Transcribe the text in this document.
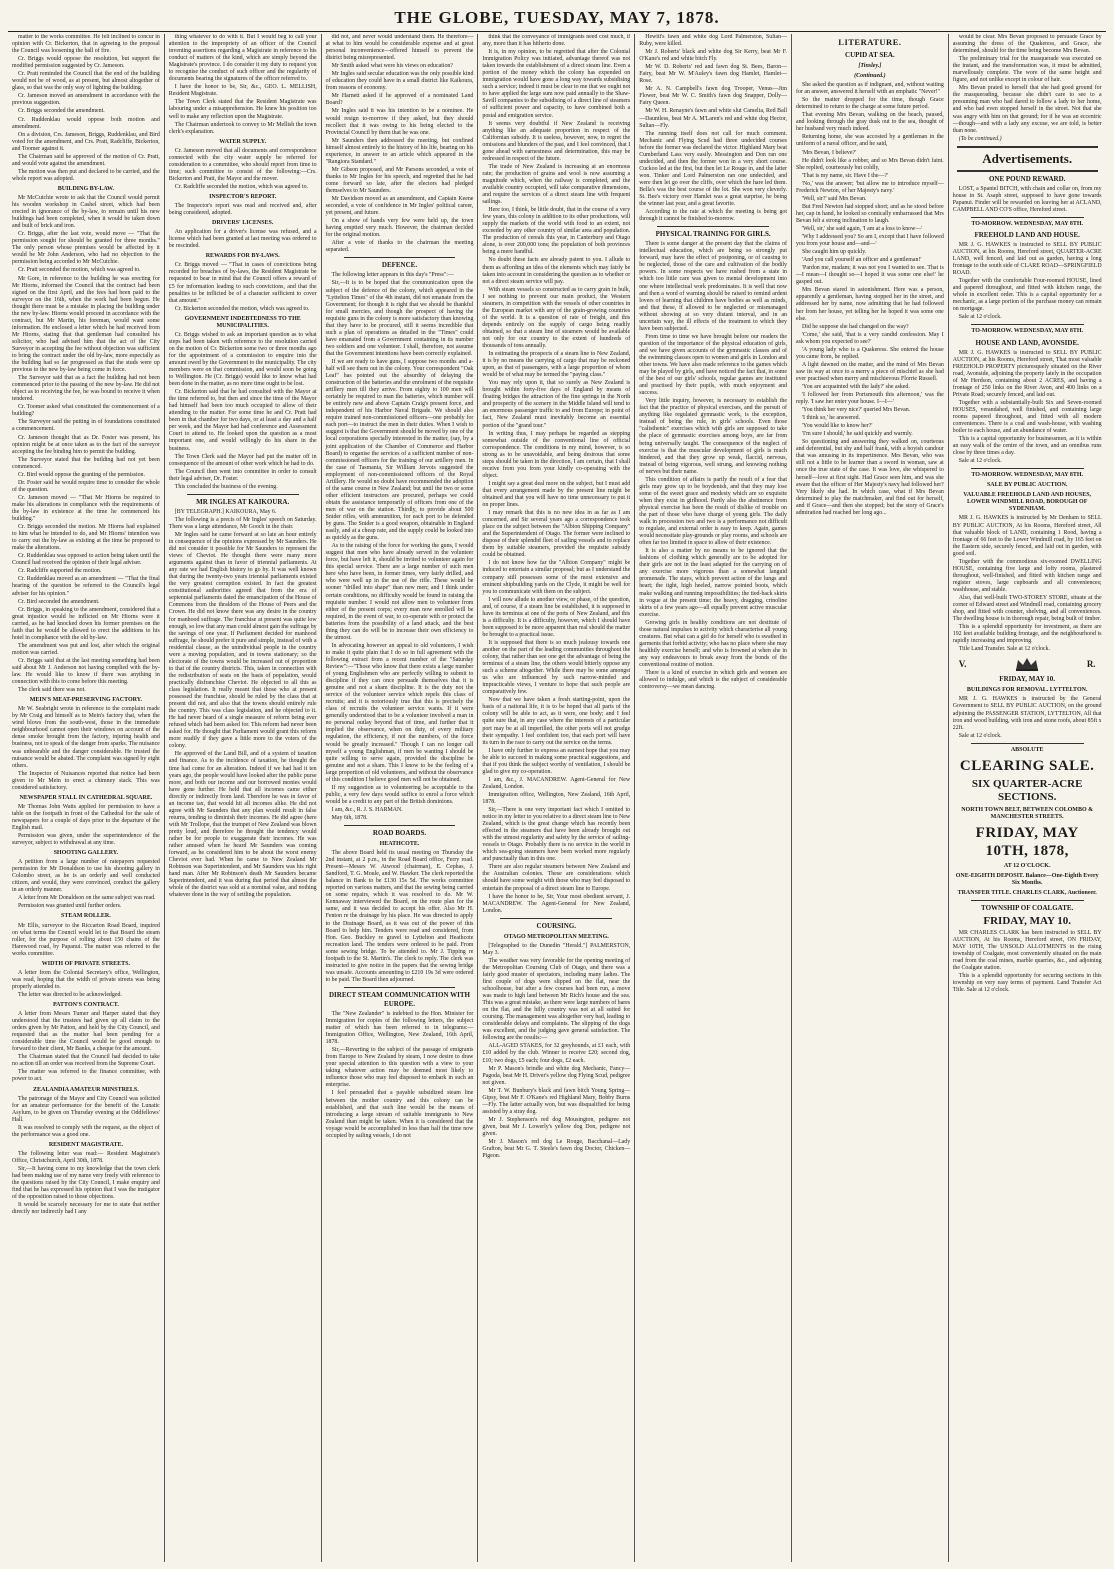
THE GLOBE, TUESDAY, MAY 7, 1878.

matter to the works committee. He felt inclined to concur in opinion with Cr. Bickerton, that in agreeing to the proposal the Council was loosening the ball of fire.

Cr. Briggs would oppose the resolution, but support the modified permission suggested by Cr. Jameson.

Cr. Pratt reminded the Council that the end of the building would not be of wood, as at present, but almost altogether of glass, so that was the only way of lighting the building.

Cr. Jameson moved an amendment in accordance with the previous suggestion.

Cr. Briggs seconded the amendment.

Cr. Ruddenklau would oppose both motion and amendment.

On a division, Crs. Jameson, Briggs, Ruddenklau, and Bird voted for the amendment, and Crs. Pratt, Radcliffe, Bickerton, and Toomer against it.

The Chairman said he approved of the motion of Cr. Pratt, and would vote against the amendment.

The motion was then put and declared to be carried, and the whole report was adopted.

BUILDING BY-LAW.

Mr McCutchie wrote to ask that the Council would permit his wooden workshop in Cashel street, which had been erected in ignorance of the by-law, to remain until his new buildings had been completed, when it would be taken down and built of brick and iron.

Cr. Briggs, after the last vote, would move — "That the permission sought for should be granted for three months." The only person whose premises would be affected by it would be Mr John Anderson, who had no objection to the permission being accorded to Mr McCutchie.

Cr. Pratt seconded the motion, which was agreed to.

Mr Gore, in reference to the building he was erecting for Mr Hiorns, informed the Council that the contract had been signed on the first April, and the fees had been paid to the surveyor on the 16th, when the work had been begun. He thought there must be a mistake in placing the building under the new by-law. Hiorns would proceed in accordance with the contract, but Mr Martin, his foreman, would want some information. He enclosed a letter which he had received from Mr Hiorns, stating that that gentleman had consulted his solicitor, who had advised him that the act of the City Surveyor in accepting the fee without objection was sufficient to bring the contract under the old by-law, more especially as the building had so far progressed as that the studs were up previous to the new by-law being come in force.

The Surveyor said that as a fact the building had not been commenced prior to the passing of the new by-law. He did not object as to receiving the fee, he was bound to receive it when tendered.

Cr. Toomer asked what constituted the commencement of a building?

The Surveyor said the putting in of foundations constituted a commencement.

Cr. Jameson thought that as Dr. Foster was present, his opinion might be at once taken as to the fact of the surveyor accepting the fee binding him to permit the building.

The Surveyor stated that the building had not yet been commenced.

Cr. Bird would oppose the granting of the permission.

Dr. Foster said he would require time to consider the whole of the question.

Cr. Jameson moved — "That Mr Hiorns be required to make his alterations in compliance with the requirements of the by-law in existence at the time he commenced his building."

Cr. Briggs seconded the motion. Mr Hiorns had explained to him what he intended to do, and Mr Hiorns' intention was to carry out the by-law as existing at the time he proposed to make the alterations.

Cr. Ruddenklau was opposed to action being taken until the Council had received the opinion of their legal adviser.

Cr. Radcliffe supported the motion.

Cr. Ruddenklau moved as an amendment — "That the final hearing of the question be referred to the Council's legal adviser for his opinion."

Cr. Bird seconded the amendment.

Cr. Briggs, in speaking to the amendment, considered that a great injustice would be inflicted on Mr Hiorns were it carried, as he had knocked down his former premises on the faith that he would be allowed to erect the additions to his hotel in compliance with the old by-law.

The amendment was put and lost, after which the original motion was carried.

Cr. Briggs said that at the last meeting something had been said about Mr J. Anderson not having complied with the by-law. He would like to know if there was anything in connection with this to come before this meeting.

The clerk said there was not.

MEIN'S MEAT-PRESERVING FACTORY.

Mr W. Seabright wrote in reference to the complaint made by Mr Craig and himself as to Mein's factory that, when the wind blows from the south-west, those in the immediate neighbourhood cannot open their windows on account of the dense smoke brought from the factory, injuring health and business, not to speak of the danger from sparks. The nuisance was unbearable and the danger considerable. He trusted the nuisance would be abated. The complaint was signed by eight others.

The Inspector of Nuisances reported that notice had been given to Mr Mein to erect a chimney stack. This was considered satisfactory.

NEWSPAPER STALL IN CATHEDRAL SQUARE.

Mr Thomas John Watts applied for permission to have a table on the footpath in front of the Cathedral for the sale of newspapers for a couple of days prior to the departure of the English mail.

Permission was given, under the superintendence of the surveyor, subject to withdrawal at any time.

SHOOTING GALLERY.

A petition from a large number of ratepayers requested permission for Mr Donaldson to use his shooting gallery in Colombo street, as he is an orderly and well conducted citizen, and would, they were convinced, conduct the gallery in an orderly manner.

A letter from Mr Donaldson on the same subject was read.

Permission was granted until further orders.

STEAM ROLLER.

Mr Ellis, surveyor to the Riccarton Road Board, inquired on what terms the Council would let to that Board the steam roller, for the purpose of rolling about 150 chains of the Harewood road, by Papanui. The matter was referred to the works committee.

WIDTH OF PRIVATE STREETS.

A letter from the Colonial Secretary's office, Wellington, was read, hoping that the width of private streets was being properly attended to.

The letter was directed to be acknowledged.

PATTON'S CONTRACT.

A letter from Messrs Tumer and Harper stated that they understood that the trustees had given up all claim to the orders given by Mr Patton, and held by the City Council, and requested that as the matter had been pending for a considerable time the Council would be good enough to forward to their client, Mr Banks, a cheque for the amount.

The Chairman stated that the Council had decided to take no action till an order was received from the Supreme Court.

The matter was referred to the finance committee, with power to act.

ZEALANDIA AMATEUR MINSTRELS.

The patronage of the Mayor and City Council was solicited for an amateur performance for the benefit of the Lunatic Asylum, to be given on Thursday evening at the Oddfellows' Hall.

It was resolved to comply with the request, as the object of the performance was a good one.

RESIDENT MAGISTRATE.

The following letter was read:— Resident Magistrate's Office, Christchurch, April 30th, 1878.

Sir,—It having come to my knowledge that the town clerk had been making use of my name very freely with reference to the questions raised by the City Council, I make enquiry and find that he has expressed his opinion that I was the instigator of the opposition raised to those objections.

It would be scarcely necessary for me to state that neither directly nor indirectly had I any

thing whatever to do with it. But I would beg to call your attention to the impropriety of an officer of the Council inventing assertions regarding a Magistrate in reference to his conduct of matters of the kind, which are simply beyond the Magistrate's province. I do consider it my duty to request you to recognise the conduct of such officer and the regularity of documents bearing the signatures of the officer referred to.

I have the honor to be, Sir, &c., GEO. L. MELLISH, Resident Magistrate.

The Town Clerk stated that the Resident Magistrate was labouring under a misapprehension. He knew his position too well to make any reflection upon the Magistrate.

The Chairman undertook to convey to Mr Mellish the town clerk's explanation.

WATER SUPPLY.

Cr. Jameson moved that all documents and correspondence connected with the city water supply be referred for consideration to a committee, who should report from time to time; such committee to consist of the following:—Crs. Bickerton and Pratt, the Mayor and the mover.

Cr. Radcliffe seconded the motion, which was agreed to.

INSPECTOR'S REPORT.

The Inspector's report was read and received and, after being considered, adopted.

DRIVERS' LICENSES.

An application for a driver's license was refused, and a license which had been granted at last meeting was ordered to be rescinded.

REWARDS FOR BY-LAWS.

Cr. Briggs moved — "That in cases of convictions being recorded for breaches of by-laws, the Resident Magistrate be requested to bear in mind that the Council offers a reward of £5 for information leading to such convictions, and that the penalties to be inflicted be of a character sufficient to cover that amount."

Cr. Bickerton seconded the motion, which was agreed to.

GOVERNMENT INDEBTEDNESS TO THE MUNICIPALITIES.

Cr. Briggs wished to ask an important question as to what steps had been taken with reference to the resolution carried on the motion of Cr. Bickerton some two or three months ago for the appointment of a commission to enquire into the amount owed by the Government to the municipality. The city members were on that commission, and would soon be going to Wellington. He (Cr. Briggs) would like to know what had been done in the matter, as no more time ought to be lost.

Cr. Bickerton said that he had consulted with the Mayor at the time referred to, but then and since the time of the Mayor had himself had been too much occupied to allow of their attending to the matter. For some time he and Cr. Pratt had been in that chamber for two days, or at least a day and a half per week, and the Mayor had had conference and Assessment Court to attend to. He looked upon the question as a most important one, and would willingly do his share in the business.

The Town Clerk said the Mayor had put the matter off in consequence of the amount of other work which he had to do.

The Council then went into committee in order to consult their legal adviser, Dr. Foster.

This concluded the business of the evening.

MR INGLES AT KAIKOURA.

[BY TELEGRAPH.] KAIKOURA, May 6.

The following is a precis of Mr Ingles' speech on Saturday. There was a large attendance, Mr Gooch in the chair.

Mr Ingles said he came forward at so late an hour entirely in consequence of the opinions expressed by Mr Saunders. He did not consider it possible for Mr Saunders to represent the views of Cheviot. He thought there were many more arguments against than in favor of triennial parliaments. At any rate we had English history to go by. It was well known that during the twenty-two years triennial parliaments existed the very greatest corruption existed. In fact the greatest constitutional authorities agreed that from the era of septennial parliaments dated the emancipation of the House of Commons from the thraldom of the House of Peers and the Crown. He did not know there was any desire in the country for manhood suffrage. The franchise at present was quite low enough, so low that any man could almost gain the suffrage by the savings of one year. If Parliament decided for manhood suffrage, he should prefer it pure and simple, instead of with a residential clause, as the unindividual people in the country were a moving population, and in towns stationary; so the electorate of the towns would be increased out of proportion to that of the country districts. This, taken in connection with the redistribution of seats on the basis of population, would practically disfranchise Cheviot. He objected to all this as class legislation. It really meant that those who at present possessed the franchise, should be ruled by the class that at present did not, and also that the towns should entirely rule the country. This was class legislation, and he objected to it. He had never heard of a single measure of reform being ever refused which had been asked for. This reform had never been asked for. He thought that Parliament would grant this reform more readily if they gave a little more to the voters of the colony.

He approved of the Land Bill, and of a system of taxation and finance. As to the incidence of taxation, he thought the time had come for an alteration. Indeed if we had had it ten years ago, the people would have looked after the public purse more, and both our income and our borrowed monies would have gone further. He held that all incomes came either directly or indirectly from land. Therefore he was in favor of an income tax, that would hit all incomes alike. He did not agree with Mr Saunders that any plan would result in false returns, tending to diminish their incomes. He did agree (here with Mr Trollope, that the trumpet of New Zealand was blown pretty loud, and therefore he thought the tendency would rather be for people to exaggerate their incomes. He was rather amused when he heard Mr Saunders was coming forward, as he considered him to be about the worst enemy Cheviot ever had. When he came to New Zealand Mr Robinson was Superintendent, and Mr Saunders was his right hand man. After Mr Robinson's death Mr Saunders became Superintendent, and it was during that period that almost the whole of the district was sold at a nominal value, and nothing whatever done in the way of settling the population.

did not, and never would understand them. He therefore—at what to him would be considerable expense and at great personal inconvenience—offered himself to prevent the district being misrepresented.

Mr Smith asked what were his views on education?

Mr Ingles said secular education was the only possible kind of education they could have in a small district like Kaikoura, from reasons of economy.

Mr Harnett asked if he approved of a nominated Land Board?

Mr Ingles said it was his intention to be a nominee. He would resign to-morrow if they asked, but they should recollect that it was owing to his being elected to the Provincial Council by them that he was one.

Mr Saunders then addressed the meeting, but confined himself almost entirely to the history of his life, bearing on his experience, in answer to an article which appeared in the "Rangiora Standard."

Mr Gibson proposed, and Mr Parsons seconded, a vote of thanks to Mr Ingles for his speech, and regretted that he had come forward so late, after the electors had pledged themselves to Mr Saunders.

Mr Davidson moved as an amendment, and Captain Keene seconded, a vote of confidence in Mr Ingles' political career, yet present, and future.

On a show of hands very few were held up, the town having emptied very much. However, the chairman decided for the original motion.

After a vote of thanks to the chairman the meeting separated.

DEFENCE.

The following letter appears in this day's "Press":—

Sir,—It is to be hoped that the communication upon the subject of the defence of the colony, which appeared in the "Lyttelton Times" of the 4th instant, did not emanate from the Government; for though it is right that we should be thankful for small mercies, and though the prospect of having the requisite guns in the colony is more satisfactory than knowing that they have to be procured, still it seems incredible that such a plan of operations as detailed in the "Times" could have emanated from a Government containing in its number two soldiers and one volunteer. I shall, therefore, not assume that the Government intentions have been correctly explained.

If we are ready to have guns, I suppose two months and a-half will see them out in the colony. Your correspondent "Oak Leaf" has pointed out the absurdity of delaying the construction of the batteries and the enrolment of the requisite artillery men till they arrive. From eighty to 100 men will certainly be required to man the batteries, which number will be entirely new and above Captain Craig's present force, and independent of his Harbor Naval Brigade. We should also require trained non-commissioned officers—one probably for each port—to instruct the men in their duties. When I wish to suggest is that the Government should be moved by one of the local corporations specially interested in the matter, (say, by a joint application of the Chamber of Commerce and Harbor Board) to organise the services of a sufficient number of non-commissioned officers for the training of our artillery men. In the case of Tasmania, Sir William Jervois suggested the employment of non-commissioned officers of the Royal Artillery. He would no doubt have recommended the adoption of the same course in New Zealand; but until the two or some other efficient instructors are procured, perhaps we could obtain the assistance temporarily of officers from one of the men of war on the station. Thirdly, to provide about 500 Snider rifles, with ammunition, for each port to be defended by guns. The Snider is a good weapon, obtainable in England easily, and at a cheap rate, and the supply could be looked into as quickly as the guns.

As to the raising of the force for working the guns, I would suggest that men who have already served in the volunteer force, but have left it, should be invited to volunteer again for this special service. There are a large number of such men here who have been, in former times, very fairly drilled, and who were well up in the use of the rifle. These would be sooner "drilled into shape" than new men; and I think under certain conditions, no difficulty would be found in raising the requisite number. I would not allow men to volunteer from either of the present corps; every man now enrolled will be required, in the event of war, to co-operate with or protect the batteries from the possibility of a land attack, and the best thing they can do will be to increase their own efficiency to the utmost.

In advocating however an appeal to old volunteers, I wish to make it quite plain that I do so in full agreement with the following extract from a recent number of the "Saturday Review":—"Those who know that there exists a large number of young Englishmen who are perfectly willing to submit to discipline if they can once persuade themselves that it is genuine and not a sham discipline. It is the duty not the service of the volunteer service which repels this class of recruits; and it is notoriously true that this is precisely the class of recruits the volunteer service wants. If it were generally understood that to be a volunteer involved a man in no personal outlay beyond that of time, and further that it implied the observance, when on duty, of every military regulation, the efficiency, if not the numbers, of the force would be greatly increased." Though I can no longer call myself a young Englishman, if men be wanting I should be quite willing to serve again, provided the discipline be genuine and not a sham. This I know to be the feeling of a large proportion of old volunteers, and without the observance of this condition I believe good men will not be obtained.

If my suggestion as to volunteering be acceptable to the public, a very few days would suffice to enrol a force which would be a credit to any part of the British dominions.

I am, &c., R. J. S. HARMAN.

May 6th, 1878.

ROAD BOARDS.
HEATHCOTE.

The above Board held its usual meeting on Thursday the 2nd instant, at 2 p.m., in the Road Board office, Ferry road. Present—Messrs W. Atwood (chairman), E. Cephas, J. Sandford, T. G. Moule, and W. Hawker. The clerk reported the balance in Bank to be £130 15s 5d. The works committee reported on various matters, and that the sewing being carried on some repairs, which it was resolved to do. Mr W. Kennaway interviewed the Board, on the route plan for the same, and it was decided to accept his offer. Also Mr H. Fenton re the drainage by his place. He was directed to apply to the Drainage Board, as it was out of the power of this Board to help him. Tenders were read and considered, from Hon. Geo. Buckley re gravel to Lyttelton and Heathcote recreation land. The tenders were ordered to be paid. From some sewing bridge. To be attended to. Mr J. Tipping re footpath to the St. Martin's. The clerk to reply. The clerk was instructed to give notice in the papers that the sewing bridge was unsafe. Accounts amounting to £210 19s 3d were ordered to be paid. The Board then adjourned.

DIRECT STEAM COMMUNICATION WITH EUROPE.

The "New Zealander" is indebted to the Hon. Minister for Immigration for copies of the following letters, the subject matter of which has been referred to in telegrams:— Immigration Office, Wellington, New Zealand, 16th April, 1878.

Sir,—Reverting to the subject of the passage of emigrants from Europe to New Zealand by steam, I now desire to draw your special attention to this question with a view to your taking whatever action may be deemed most likely to influence those who may feel disposed to embark in such an enterprise.

I feel persuaded that a payable subsidized steam line between the mother country and this colony can be established, and that such line would be the means of introducing a large stream of suitable immigrants to New Zealand than might be taken. When it is considered that the voyage would be accomplished in less than half the time now occupied by sailing vessels, I do not

think that the conveyance of immigrants need cost much, if any, more than it has hitherto done.

It is, in my opinion, to be regretted that after the Colonial Immigration Policy was initiated, advantage thereof was not taken towards the establishment of a direct steam line. Even a portion of the money which the colony has expended on immigration would have gone a long way towards subsidising such a service; indeed it must be clear to me that we ought not to have applied the large sum now paid annually to the Shaw-Savill companies to the subsidising of a direct line of steamers of sufficient power and capacity, to have combined both a postal and emigration service.

It seems very doubtful if New Zealand is receiving anything like an adequate proportion in respect of the Californian subsidy. It is useless, however, now, to regret the omissions and blunders of the past, and I feel convinced, that I gone ahead with earnestness and determination, this may be redressed in respect of the future.

The trade of New Zealand is increasing at an enormous rate; the production of grains and wool is now assuming a magnitude which, when the railway is completed, and the available country occupied, will take comparative dimensions, and require the services of a direct steam line with frequent sailings.

Here too, I think, be little doubt, that in the course of a very few years, this colony in addition to its other productions, will supply the markets of the world with food to an extent, not exceeded by any other country of similar area and population. The production of cereals this year, in Canterbury and Otago alone, is over 200,000 tons; the population of both provinces being a mere handful.

No doubt these facts are already patent to you. I allude to them as affording an idea of the elements which may fairly be taken into account in considering the question as to whether or not a direct steam service will pay.

With steam vessels so constructed as to carry grain in bulk, I see nothing to prevent our main product, the Western steamers, in competition with the vessels of other countries in the European market with any of the grain-growing countries of the world. It is a question of rate of freight, and this depends entirely on the supply of cargo being readily obtained, so that a steam line of steamers would be available not only for our country to the extent of hundreds of thousands of tons annually.

In estimating the prospects of a steam line to New Zealand, it is by no means the carrying of cargo that may be reckoned upon, as that of passengers, with a large proportion of whom would be of what may be termed the "paying class."

You may rely upon it, that so surely as New Zealand is brought within forty-five days of England by means of floating bridges the attraction of the fine springs in the North and prosperity of the scenery in the Middle Island will tend to an enormous passenger traffic to and from Europe; in point of fact, New Zealand must inevitably become an essential portion of the "grand tour."

In writing thus, I may perhaps be regarded as stepping somewhat outside of the conventional line of official correspondence. The conditions in my mind, however, is so strong as to be unavoidable, and being desirous that some steps should be taken in the direction, I am certain, that I shall receive from you from your kindly co-operating with the object.

I might say a great deal more on the subject, but I must add that every arrangement made by the present line might be obtained and that you will have no time unnecessary to put it on proper lines.

I may remark that this is no new idea in as far as I am concerned, and Sir several years ago a correspondence took place on the subject between the "Albion Shipping Company" and the Superintendent of Otago. The former were inclined to dispose of their splendid fleet of sailing vessels and to replace them by suitable steamers, provided the requisite subsidy could be obtained.

I do not know how far the "Albion Company" might be induced to entertain a similar proposal; but as I understand the company still possesses some of the most extensive and eminent shipbuilding yards on the Clyde, it might be well for you to communicate with them on the subject.

I will now allude to another view, or phase, of the question, and, of course, if a steam line be established, it is supposed to have its terminus at one of the ports of New Zealand, and this is a difficulty. It is a difficulty, however, which I should have been supposed to be more apparent than real should the matter be brought to a practical issue.

It is supposed that there is so much jealousy towards one another on the part of the leading communities throughout the colony, that rather than see one get the advantage of being the terminus of a steam line, the others would bitterly oppose any such a scheme altogether. While there may be some amongst us who are influenced by such narrow-minded and impracticable views, I venture to hope that such people are comparatively few.

Now that we have taken a fresh starting-point, upon the basis of a national life, it is to be hoped that all parts of the colony will be able to act, as it were, one body; and I feel quite sure that, in any case where the interests of a particular port may be at all imperilled, the other ports will not grudge their sympathy. I feel confident too, that each port will have its turn in the race to carry out the service on the terms.

I have only further to express an earnest hope that you may be able to succeed in making some practical suggestions, and that if you think the subject worthy of ventilation, I should be glad to give my co-operation.

I am, &c., J. MACANDREW. Agent-General for New Zealand, London.

Immigration office, Wellington, New Zealand, 16th April, 1878.

Sir,—There is one very important fact which I omitted to notice in my letter to you relative to a direct steam line to New Zealand, which is the great change which has recently been effected in the steamers that have been already brought out with the utmost regularity and safety by the service of sailing-vessels to Otago. Probably there is no service in the world in which sea-going steamers have been worked more regularly and punctually than in this one.

There are also regular steamers between New Zealand and the Australian colonies. These are considerations which should have some weight with those who may feel disposed to entertain the proposal of a direct steam line to Europe.

I have the honor to be, Sir, Your most obedient servant, J. MACANDREW. The Agent-General for New Zealand, London.

COURSING.
OTAGO METROPOLITAN MEETING.

[Telegraphed to the Dunedin "Herald."] PALMERSTON, May 3.

The weather was very favorable for the opening meeting of the Metropolitan Coursing Club of Otago, and there was a fairly good muster of spectators, including many ladies. The first couple of dogs were slipped on the flat, near the schoolhouse, but after a few courses had been run, a move was made to high land between Mr Rich's house and the sea. This was a great mistake, as there were large numbers of hares on the flat, and the hilly country was not at all suited for coursing. The management was altogether very bad, leading to considerable delays and complaints. The slipping of the dogs was excellent, and the judging gave general satisfaction. The following are the results:—

ALL-AGED STAKES, for 32 greyhounds, at £1 each, with £10 added by the club. Winner to receive £20; second dog, £10; two dogs, £5 each; four dogs, £2 each.

Mr P. Mason's brindle and white dog Mechanic, Fancy—Pagoda, beat Mr H. Driver's yellow dog Flying Scud, pedigree not given.

Mr T. W. Bunbury's black and fawn bitch Young Spring—Gipsy, beat Mr F. O'Kane's red Highland Mary, Bobby Burns—Fly. The latter actually won, but was disqualified for being assisted by a stray dog.

Mr J. Stephenson's red dog Mousington, pedigree not given, beat Mr J. Lowerly's yellow dog Don, pedigree not given.

Mr J. Mason's red dog Le Rouge, Bacchanal—Lady Grafton, beat Mr G. T. Steele's fawn dog Doctor, Chicken—Pigeon.

Hewitt's fawn and white dog Lord Palmerston, Sultan—Ruby, were killed.

Mr J. Roberts' black and white dog Sir Kerry, beat Mr F. O'Kane's red and white bitch Fly.

Mr W. D. Roberts' red and fawn dog St. Bees, Baron—Fairy, beat Mr W. M'Auley's fawn dog Hamlet, Hamlet—Rose.

Mr A. N. Campbell's fawn dog Trooper, Venus—Jim Flower, beat Mr W. C. Smith's fawn dog Snapper, Dolly—Fairy Queen.

Mr W. H. Renayne's fawn and white slut Camelia, Red Ball—Dauntless, beat Mr A. M'Laren's red and white dog Hector, Sultan—Fly.

The running itself does not call for much comment. Mechanic and Flying Scud had three undecided courses before the former was declared the victor. Highland Mary beat Cumberland Lass very easily. Messington and Don ran one undecided, and then the former won in a very short course. Cuckoo led at the first, but then let Le Rouge in, and the latter won. Tinker and Lord Palmerston ran one undecided, and were then let go over the cliffs, over which the hare led them. Bella's was the best course of the lot. She won very cleverly. St. Bee's victory over Hamlet was a great surprise, he being the winner last year, and a great favorite.

According to the rate at which the meeting is being got through it cannot be finished to-morrow.

PHYSICAL TRAINING FOR GIRLS.

There is some danger at the present day that the claims of intellectual education, which are being so strongly put forward, may have the effect of postponing, or of causing to be neglected, those of the care and cultivation of the bodily powers. In some respects we have rushed from a state in which too little care was given to mental development into one where intellectual work predominates. It is well that now and then a word of warning should be raised to remind ardent lovers of learning that children have bodies as well as minds, and that these, if allowed to be neglected or mismanaged without showing at so very distant interval, and in an uncertain way, the ill effects of the treatment to which they have been subjected.

From time to time we have brought before our readers the question of the importance of the physical education of girls, and we have given accounts of the gymnastic classes and of the swimming classes open to women and girls in London and other towns. We have also made reference to the games which may be played by girls, and have noticed the fact that, in some of the best of our girls' schools, regular games are instituted and practised by their pupils, with much enjoyment and success.

Very little inquiry, however, is necessary to establish the fact that the practice of physical exercises, and the pursuit of anything like regulated gymnastic work, is the exception, instead of being the rule, in girls' schools. Even those "calisthenic" exercises which with girls are supposed to take the place of gymnastic exercises among boys, are far from being universally taught. The consequence of the neglect of exercise is that the muscular development of girls is much hindered, and that they grow up weak, flaccid, nervous, instead of being vigorous, well strung, and knowing nothing of nerves but their name.

This condition of affairs is partly the result of a fear that girls may grow up to be boydenish, and that they may lose some of the sweet grace and modesty which are so exquisite when they exist in girlhood. Partly also the abstinence from physical exercise has been the result of dislike of trouble on the part of those who have charge of young girls. The daily walk in procession two and two is a performance not difficult to regulate, and external order is easy to keep. Again, games would necessitate play-grounds or play rooms, and schools are often far too limited in space to allow of their existence.

It is also a matter by no means to be ignored that the fashions of clothing which generally are to be adopted for their girls are not in the least adapted for the carrying on of any exercise more vigorous than a somewhat languid promenade. The stays, which prevent action of the lungs and heart; the tight, high heeled, narrow pointed boots, which make walking and running impossibilities; the tied-back skirts in vogue at the present time; the heavy, dragging, crinoline skirts of a few years ago—all equally prevent active muscular exercise.

Growing girls in healthy conditions are not destitute of those natural impulses to activity which characterise all young creatures. But what can a girl do for herself who is swathed in garments that forbid activity; who has no place where she may healthily exercise herself; and who is frowned at when she in any way endeavours to break away from the bonds of the conventional routine of motion.

There is a kind of exercise in which girls and women are allowed to indulge, and which is the subject of considerable controversy—we mean dancing.

LITERATURE.
CUPID AT SEA.
[Tinsley.]
(Continued.)

She asked the question as if indignant, and, without waiting for an answer, answered it herself with an emphatic "Never!"

So the matter dropped for the time, though Grace determined to return to the charge at some future period.

That evening Mrs Bevan, walking on the beach, paused, and looking through the gray dusk out to the sea, thought of her husband very much indeed.

Returning home, she was accosted by a gentleman in the uniform of a naval officer, and he said,

'Mrs Bevan, I believe?'

He didn't look like a robber, and so Mrs Bevan didn't faint. She replied, courteously but coldly,

'That is my name, sir. Have I the—?'

'No,' was the answer; 'but allow me to introduce myself—Frederick Newton, of her Majesty's navy.'

'Well, sir?' said Mrs Bevan.

But Fred Newton had stopped short; and as he stood before her, cap in hand, he looked so comically embarrassed that Mrs Bevan felt a strong inclination to laugh.

'Well, sir,' she said again, 'I am at a loss to know—'

'Why I addressed you? So am I, except that I have followed you from your house and—and—'

She caught him up quickly.

'And you call yourself an officer and a gentleman!'

'Pardon me, madam; it was not you I wanted to see. That is—I mean—I thought so—I hoped it was some one else!' he gasped out.

Mrs Bevan stared in astonishment. Here was a person, apparently a gentleman, having stopped her in the street, and addressed her by name, now admitting that he had followed her from her house, yet telling her he hoped it was some one else.

Did he suppose she had changed on the way?

'Come,' she said, 'that is a very candid confession. May I ask whom you expected to see?'

'A young lady who is a Quakeress. She entered the house you came from, he replied.

A light dawned on the matter, and the mind of Mrs Bevan saw its way at once to a merry a piece of mischief as she had ever practised when merry and mischievous Florrie Russell.

'You are acquainted with the lady?' she asked.

'I followed her from Portsmouth this afternoon,' was the reply. 'I saw her enter your house. I—I—'

'You think her very nice?' queried Mrs Bevan.

'I think so,' he answered.

'You would like to know her?'

'I'm sure I should,' he said quickly and warmly.

So questioning and answering they walked on, courteous and deferential, but shy and half frank, with a boyish candour that was amusing in its impertinence. Mrs Bevan, who was still not a little to be learner than a sword in woman, saw at once the true state of the case. It was love, she whispered to herself—love at first sight. Had Grace seen him, and was she aware that the officer of Her Majesty's navy had followed her? Very likely she had. In which case, what if Mrs Bevan determined to play the matchmaker, and find out for herself, and if Grace—and then she stopped; but the story of Grace's admiration had reached her long ago...

would be clear. Mrs Bevan proposed to persuade Grace by assuming the dress of the Quakeress, and Grace, she determined, should for the time being become Mrs Bevan.

The preliminary trial for the masquerade was executed on the instant, and the transformation was, it must be admitted, marvellously complete. The wore of the same height and figure, and not unlike except in colour of hair.

Mrs Bevan prated to herself that she had good ground for the masquerading, because she didn't care to see to a presuming man who had dared to follow a lady to her home, and who had even stopped herself in the street. Not that she was angry with him on that ground; for if he was an eccentric—though—and with a lady any excuse, we are told, is better than none.

(To be continued.)

Advertisements.
ONE POUND REWARD.

LOST, a Spaniel BITCH, with chain and collar on, from my house in St. Asaph street, supposed to have gone towards Papanui. Finder will be rewarded on leaving her at ACLAND, CAMPBELL AND CO'S office, Hereford street.

TO-MORROW. WEDNESDAY, MAY 8TH.
FREEHOLD LAND AND HOUSE.

MR J. G. HAWKES is instructed to SELL BY PUBLIC AUCTION, at his Rooms, Hereford street, QUARTER-ACRE LAND, well fenced, and laid out as garden, having a long frontage to the south side of CLARE ROAD—SPRINGFIELD ROAD.

Together with the comfortable Four-roomed HOUSE, lined and papered throughout, and fitted with kitchen range, the whole in excellent order. This is a capital opportunity for a mechanic, as a large portion of the purchase money can remain on mortgage.

Sale at 12 o'clock.

TO-MORROW. WEDNESDAY, MAY 8TH.
HOUSE AND LAND, AVONSIDE.

MR J. G. HAWKES is instructed to SELL BY PUBLIC AUCTION, at his Rooms, Hereford street, That most valuable FREEHOLD PROPERTY picturesquely situated on the River road, Avonside, adjoining the property lately in the occupation of Mr Herdson, containing about 2 ACRES, and having a frontage of 250 links on the River Avon, and 400 links on a Private Road; securely fenced, and laid out.

Together with a substantially-built Six and Seven-roomed HOUSES, verandahed, well finished, and containing large rooms papered throughout, and fitted with all modern conveniences. There is a coal and wash-house, with washing boiler to each house, and an abundance of water.

This is a capital opportunity for businessmen, as it is within an easy walk of the centre of the town, and an omnibus runs close by three times a day.

Sale at 12 o'clock.

TO-MORROW. WEDNESDAY, MAY 8TH.
SALE BY PUBLIC AUCTION.
VALUABLE FREEHOLD LAND AND HOUSES, LOWER WINDMILL ROAD, BOROUGH OF SYDENHAM.

MR J. G. HAWKES is instructed by Mr Denham to SELL BY PUBLIC AUCTION, At his Rooms, Hereford street, All that valuable block of LAND, containing 1 Rood, having a frontage of 66 feet to the Lower Windmill road, by 165 feet on the Eastern side, securely fenced, and laid out in garden, with good soil.

Together with the commodious six-roomed DWELLING HOUSE, containing five large and lofty rooms, plastered throughout, well-finished, and fitted with kitchen range and register stoves, large cupboards and all conveniences; washhouse, and stable.

Also, that well-built TWO-STOREY STORE, situate at the corner of Edward street and Windmill road, containing grocery shop, and fitted with counter, shelving, and all conveniences. The dwelling house is in thorough repair, being built of timber.

This is a splendid opportunity for investment, as there are 192 feet available building frontage, and the neighbourhood is rapidly increasing and improving.

Title Land Transfer. Sale at 12 o'clock.

V.	R.
FRIDAY, MAY 10.
BUILDINGS FOR REMOVAL. LYTTELTON.

MR J. G. HAWKES is instructed by the General Government to SELL BY PUBLIC AUCTION, on the ground adjoining the PASSENGER STATION, LYTTELTON, All that iron and wood building, with iron and stone roofs, about 85ft x 22ft.

Sale at 12 o'clock.

ABSOLUTE
CLEARING SALE.
SIX QUARTER-ACRE SECTIONS.
NORTH TOWN BELT, BETWEEN COLOMBO & MANCHESTER STREETS.
FRIDAY, MAY 10TH, 1878,
AT 12 O'CLOCK.
ONE-EIGHTH DEPOSIT. Balance—One-Eighth Every Six Months.
TRANSFER TITLE. CHARLES CLARK, Auctioneer.
TOWNSHIP OF COALGATE.
FRIDAY, MAY 10.

MR CHARLES CLARK has been instructed to SELL BY AUCTION, At his Rooms, Hereford street, ON FRIDAY, MAY 10TH, The UNSOLD ALLOTMENTS in the rising township of Coalgate, most conveniently situated on the main road from the coal mines, marble quarries, &c., and adjoining the Coalgate station.

This is a splendid opportunity for securing sections in this township on very easy terms of payment. Land Transfer Act Title. Sale at 12 o'clock.
